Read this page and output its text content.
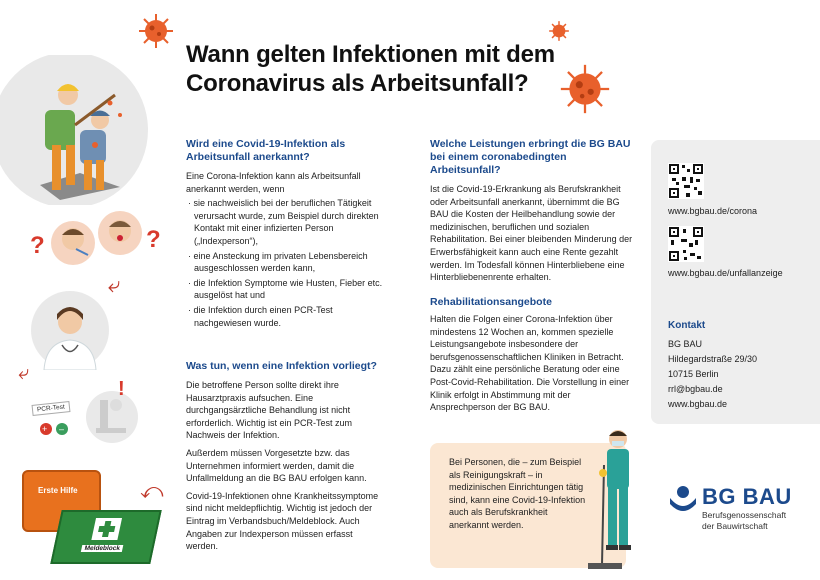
Wann gelten Infektionen mit dem
Coronavirus als Arbeitsunfall?
?	?
⤶
⤶
!
+ –
PCR-Test
⤺
Erste Hilfe
Meldeblock
Wird eine Covid-19-Infektion als Arbeitsunfall anerkannt?
Eine Corona-Infektion kann als Arbeitsunfall anerkannt werden, wenn
· sie nachweislich bei der beruflichen Tätigkeit verursacht wurde, zum Beispiel durch direkten Kontakt mit einer infizierten Person („Indexperson“),
· eine Ansteckung im privaten Lebensbereich ausgeschlossen werden kann,
· die Infektion Symptome wie Husten, Fieber etc. ausgelöst hat und
· die Infektion durch einen PCR-Test nachgewiesen wurde.
Was tun, wenn eine Infektion vorliegt?
Die betroffene Person sollte direkt ihre Hausarztpraxis aufsuchen. Eine durchgangsärztliche Behandlung ist nicht erforderlich. Wichtig ist ein PCR-Test zum Nachweis der Infektion.
Außerdem müssen Vorgesetzte bzw. das Unternehmen informiert werden, damit die Unfallmeldung an die BG BAU erfolgen kann.
Covid-19-Infektionen ohne Krankheitssymptome sind nicht meldepflichtig. Wichtig ist jedoch der Eintrag im Verbandsbuch/Meldeblock. Auch Angaben zur Indexperson müssen erfasst werden.
Welche Leistungen erbringt die BG BAU bei einem coronabedingten Arbeitsunfall?
Ist die Covid-19-Erkrankung als Berufskrankheit oder Arbeitsunfall anerkannt, übernimmt die BG BAU die Kosten der Heilbehandlung sowie der medizinischen, beruflichen und sozialen Rehabilitation. Bei einer bleibenden Minderung der Erwerbsfähigkeit kann auch eine Rente gezahlt werden. Im Todesfall können Hinterbliebene eine Hinterbliebenenrente erhalten.
Rehabilitationsangebote
Halten die Folgen einer Corona-Infektion über mindestens 12 Wochen an, kommen spezielle Leistungsangebote insbesondere der berufsgenossenschaftlichen Kliniken in Betracht. Dazu zählt eine persönliche Beratung oder eine Post-Covid-Rehabilitation. Die Vorstellung in einer Klinik erfolgt in Abstimmung mit der Ansprechperson der BG BAU.
Bei Personen, die – zum Beispiel als Reinigungskraft – in medizinischen Einrichtungen tätig sind, kann eine Covid-19-Infektion auch als Berufskrankheit anerkannt werden.
www.bgbau.de/corona
www.bgbau.de/unfallanzeige
Kontakt
BG BAU
Hildegardstraße 29/30
10715 Berlin
rrl@bgbau.de
www.bgbau.de
BG BAU
Berufsgenossenschaft
der Bauwirtschaft
